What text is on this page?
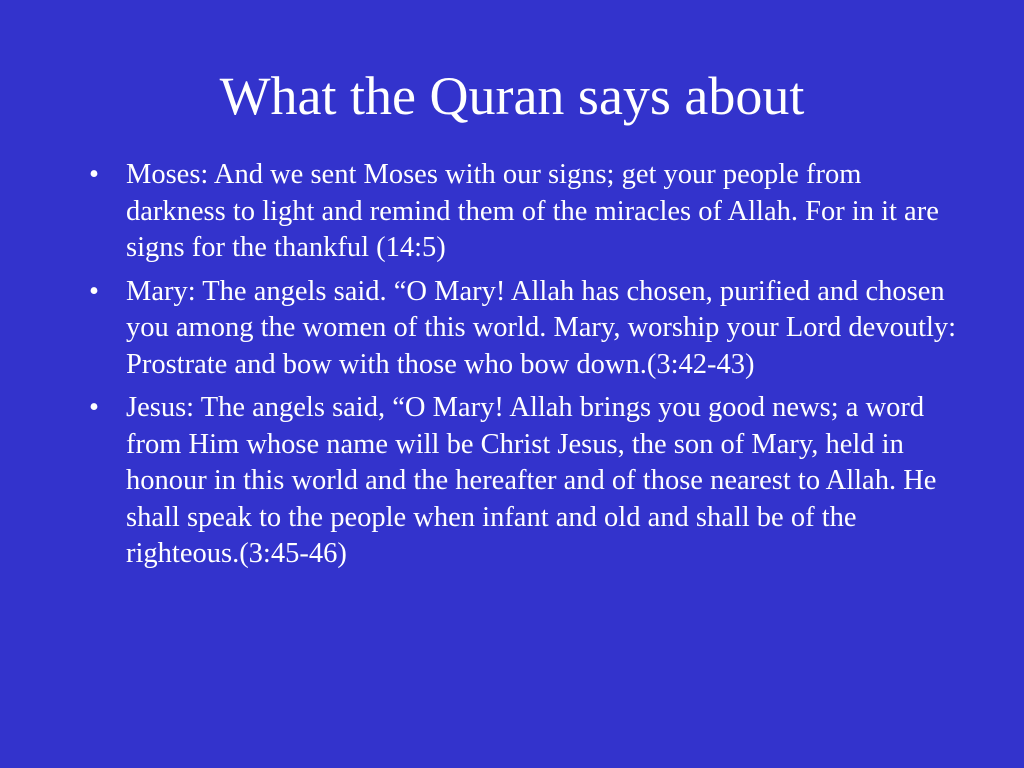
What the Quran says about
• Moses: And we sent Moses with our signs; get your people from darkness to light and remind them of the miracles of Allah. For in it are signs for the thankful (14:5)
• Mary: The angels said. “O Mary! Allah has chosen, purified and chosen you among the women of this world. Mary, worship your Lord devoutly: Prostrate and bow with those who bow down.(3:42-43)
• Jesus: The angels said, “O Mary! Allah brings you good news; a word from Him whose name will be Christ Jesus, the son of Mary, held in honour in this world and the hereafter and of those nearest to Allah. He shall speak to the people when infant and old and shall be of the righteous.(3:45-46)
